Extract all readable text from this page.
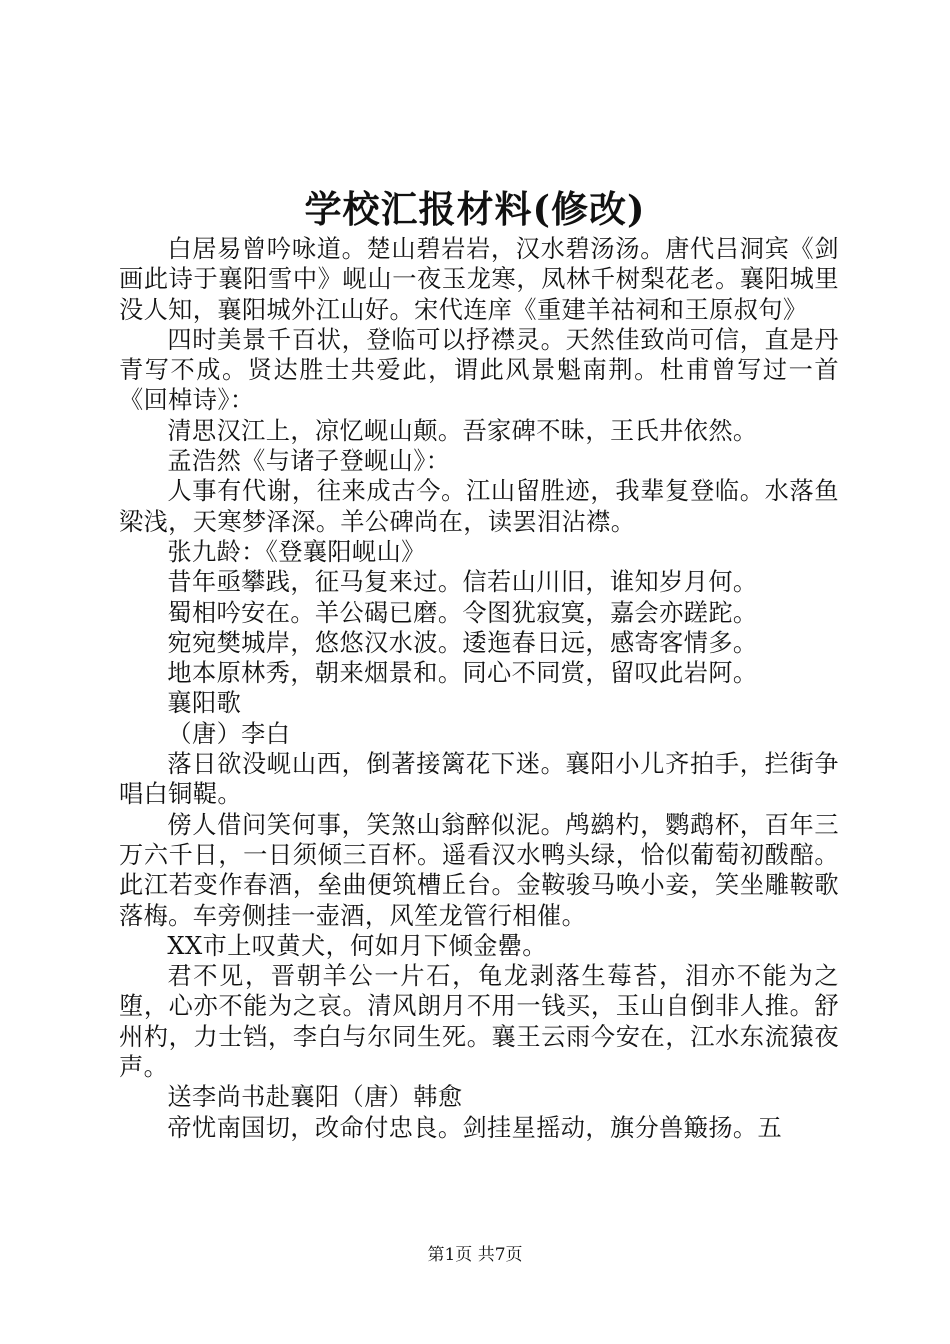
学校汇报材料(修改)

白居易曾吟咏道。楚山碧岩岩，汉水碧汤汤。唐代吕洞宾《剑画此诗于襄阳雪中》岘山一夜玉龙寒，凤林千树梨花老。襄阳城里没人知，襄阳城外江山好。宋代连庠《重建羊祜祠和王原叔句》

四时美景千百状，登临可以抒襟灵。天然佳致尚可信，直是丹青写不成。贤达胜士共爱此，谓此风景魁南荆。杜甫曾写过一首《回棹诗》：

清思汉江上，凉忆岘山颠。吾家碑不昧，王氏井依然。

孟浩然《与诸子登岘山》：

人事有代谢，往来成古今。江山留胜迹，我辈复登临。水落鱼梁浅，天寒梦泽深。羊公碑尚在，读罢泪沾襟。

张九龄：《登襄阳岘山》

昔年亟攀践，征马复来过。信若山川旧，谁知岁月何。

蜀相吟安在。羊公碣已磨。令图犹寂寞，嘉会亦蹉跎。

宛宛樊城岸，悠悠汉水波。逶迤春日远，感寄客情多。

地本原林秀，朝来烟景和。同心不同赏，留叹此岩阿。

襄阳歌

（唐）李白

落日欲没岘山西，倒著接篱花下迷。襄阳小儿齐拍手，拦街争唱白铜鞮。

傍人借问笑何事，笑煞山翁醉似泥。鸬鹚杓，鹦鹉杯，百年三万六千日，一日须倾三百杯。遥看汉水鸭头绿，恰似葡萄初酦醅。此江若变作春酒，垒曲便筑槽丘台。金鞍骏马唤小妾，笑坐雕鞍歌落梅。车旁侧挂一壶酒，风笙龙管行相催。

XX市上叹黄犬，何如月下倾金罍。

君不见，晋朝羊公一片石，龟龙剥落生莓苔，泪亦不能为之堕，心亦不能为之哀。清风朗月不用一钱买，玉山自倒非人推。舒州杓，力士铛，李白与尔同生死。襄王云雨今安在，江水东流猿夜声。

送李尚书赴襄阳（唐）韩愈

帝忧南国切，改命付忠良。剑挂星摇动，旗分兽簸扬。五

第1页 共7页
